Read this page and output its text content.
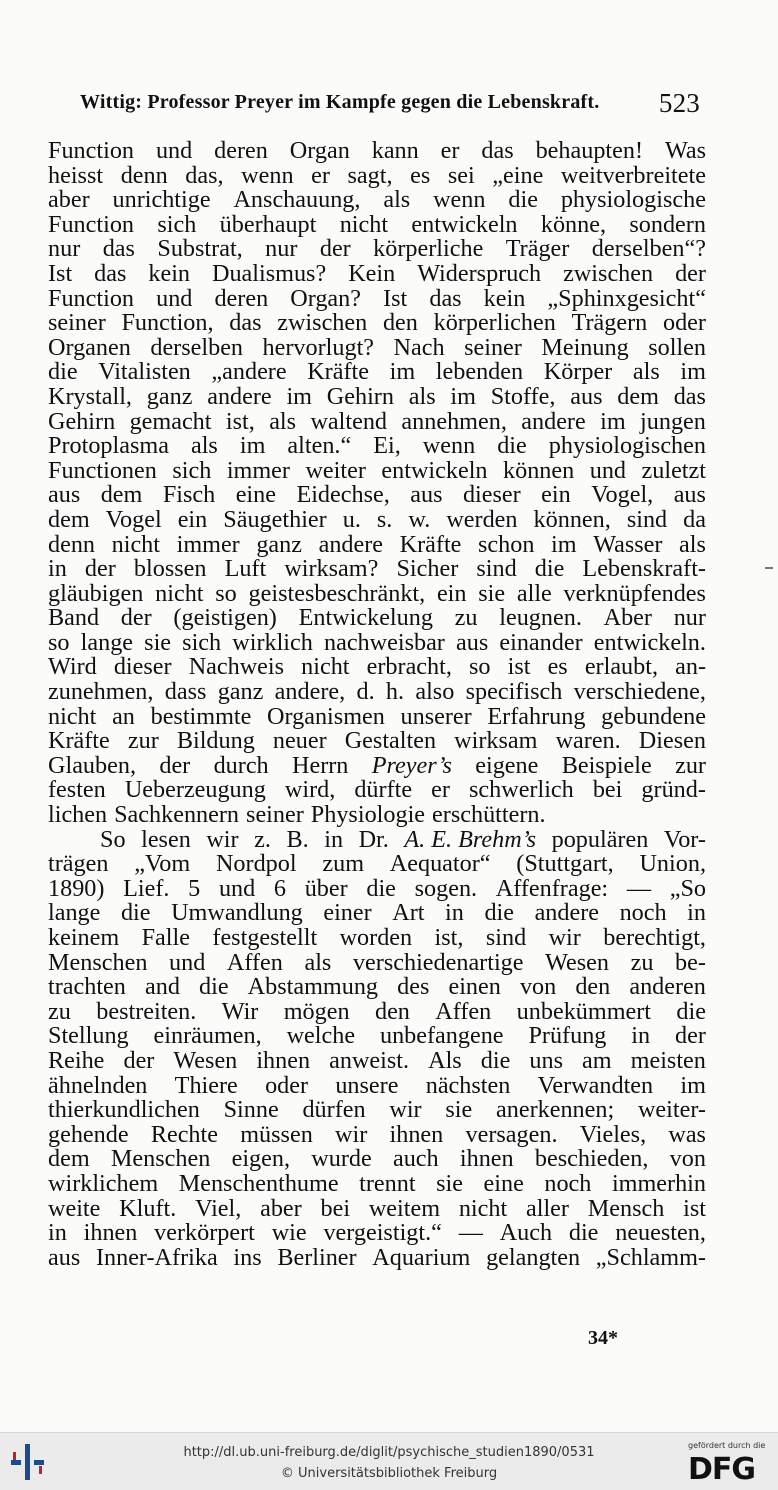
Wittig: Professor Preyer im Kampfe gegen die Lebenskraft. 523
Function und deren Organ kann er das behaupten! Was
heisst denn das, wenn er sagt, es sei „eine weitverbreitete
aber unrichtige Anschauung, als wenn die physiologische
Function sich überhaupt nicht entwickeln könne, sondern
nur das Substrat, nur der körperliche Träger derselben“?
Ist das kein Dualismus? Kein Widerspruch zwischen der
Function und deren Organ? Ist das kein „Sphinxgesicht“
seiner Function, das zwischen den körperlichen Trägern oder
Organen derselben hervorlugt? Nach seiner Meinung sollen
die Vitalisten „andere Kräfte im lebenden Körper als im
Krystall, ganz andere im Gehirn als im Stoffe, aus dem das
Gehirn gemacht ist, als waltend annehmen, andere im jungen
Protoplasma als im alten.“ Ei, wenn die physiologischen
Functionen sich immer weiter entwickeln können und zuletzt
aus dem Fisch eine Eidechse, aus dieser ein Vogel, aus
dem Vogel ein Säugethier u. s. w. werden können, sind da
denn nicht immer ganz andere Kräfte schon im Wasser als
in der blossen Luft wirksam? Sicher sind die Lebenskraft-
gläubigen nicht so geistesbeschränkt, ein sie alle verknüpfendes
Band der (geistigen) Entwickelung zu leugnen. Aber nur
so lange sie sich wirklich nachweisbar aus einander entwickeln.
Wird dieser Nachweis nicht erbracht, so ist es erlaubt, an-
zunehmen, dass ganz andere, d. h. also specifisch verschiedene,
nicht an bestimmte Organismen unserer Erfahrung gebundene
Kräfte zur Bildung neuer Gestalten wirksam waren. Diesen
Glauben, der durch Herrn Preyer’s eigene Beispiele zur
festen Ueberzeugung wird, dürfte er schwerlich bei gründ-
lichen Sachkennern seiner Physiologie erschüttern.
So lesen wir z. B. in Dr. A. E. Brehm’s populären Vor-
trägen „Vom Nordpol zum Aequator“ (Stuttgart, Union,
1890) Lief. 5 und 6 über die sogen. Affenfrage: — „So
lange die Umwandlung einer Art in die andere noch in
keinem Falle festgestellt worden ist, sind wir berechtigt,
Menschen und Affen als verschiedenartige Wesen zu be-
trachten and die Abstammung des einen von den anderen
zu bestreiten. Wir mögen den Affen unbekümmert die
Stellung einräumen, welche unbefangene Prüfung in der
Reihe der Wesen ihnen anweist. Als die uns am meisten
ähnelnden Thiere oder unsere nächsten Verwandten im
thierkundlichen Sinne dürfen wir sie anerkennen; weiter-
gehende Rechte müssen wir ihnen versagen. Vieles, was
dem Menschen eigen, wurde auch ihnen beschieden, von
wirklichem Menschenthume trennt sie eine noch immerhin
weite Kluft. Viel, aber bei weitem nicht aller Mensch ist
in ihnen verkörpert wie vergeistigt.“ — Auch die neuesten,
aus Inner-Afrika ins Berliner Aquarium gelangten „Schlamm-
34*
http://dl.ub.uni-freiburg.de/diglit/psychische_studien1890/0531
© Universitätsbibliothek Freiburg
gefördert durch die
DFG
